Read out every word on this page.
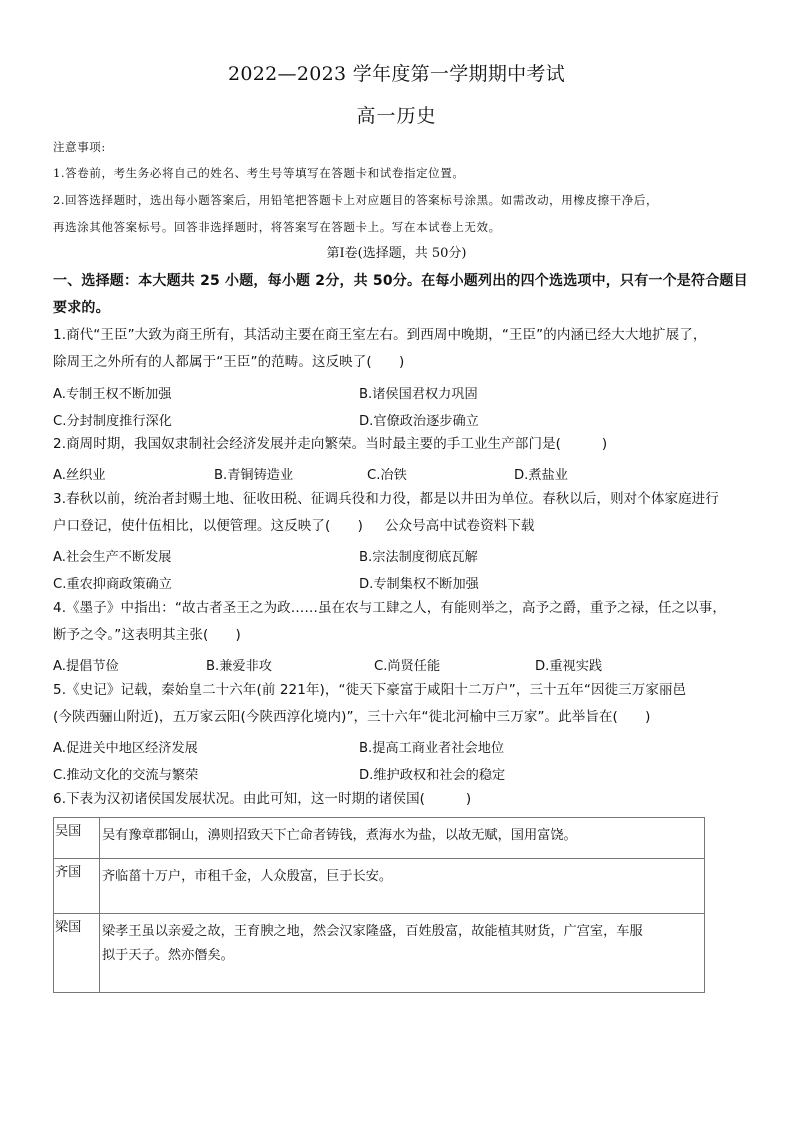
2022—2023 学年度第一学期期中考试
高一历史
注意事项:
1.答卷前，考生务必将自己的姓名、考生号等填写在答题卡和试卷指定位置。
2.回答选择题时，选出每小题答案后，用铅笔把答题卡上对应题目的答案标号涂黑。如需改动，用橡皮擦干净后，
再选涂其他答案标号。回答非选择题时，将答案写在答题卡上。写在本试卷上无效。
第Ⅰ卷(选择题，共 50分)
一、选择题：本大题共 25 小题，每小题 2分，共 50分。在每小题列出的四个选选项中，只有一个是符合题目
要求的。
1.商代“王臣”大致为商王所有，其活动主要在商王室左右。到西周中晚期，“王臣”的内涵已经大大地扩展了，
除周王之外所有的人都属于“王臣”的范畴。这反映了(　　)
A.专制王权不断加强	B.诸侯国君权力巩固
C.分封制度推行深化	D.官僚政治逐步确立
2.商周时期，我国奴隶制社会经济发展并走向繁荣。当时最主要的手工业生产部门是(　　　)
A.丝织业	B.青铜铸造业	C.冶铁	D.煮盐业
3.春秋以前，统治者封赐土地、征收田税、征调兵役和力役，都是以井田为单位。春秋以后，则对个体家庭进行
户口登记，使什伍相比，以便管理。这反映了(　　) 公众号高中试卷资料下载
A.社会生产不断发展	B.宗法制度彻底瓦解
C.重农抑商政策确立	D.专制集权不断加强
4.《墨子》中指出：“故古者圣王之为政……虽在农与工肆之人，有能则举之，高予之爵，重予之禄，任之以事，
断予之令。”这表明其主张(　　)
A.提倡节俭	B.兼爱非攻	C.尚贤任能	D.重视实践
5.《史记》记载，秦始皇二十六年(前 221年)，“徙天下豪富于咸阳十二万户”，三十五年“因徙三万家丽邑
(今陕西骊山附近)，五万家云阳(今陕西淳化境内)”，三十六年“徙北河榆中三万家”。此举旨在(　　)
A.促进关中地区经济发展	B.提高工商业者社会地位
C.推动文化的交流与繁荣	D.维护政权和社会的稳定
6.下表为汉初诸侯国发展状况。由此可知，这一时期的诸侯国(　　　)
吴国	吴有豫章郡铜山，濞则招致天下亡命者铸钱，煮海水为盐，以故无赋，国用富饶。
齐国	齐临菑十万户，市租千金，人众殷富，巨于长安。
梁国	梁孝王虽以亲爱之故，王育腴之地，然会汉家隆盛，百姓殷富，故能植其财货，广宫室，车服
拟于天子。然亦僭矣。
